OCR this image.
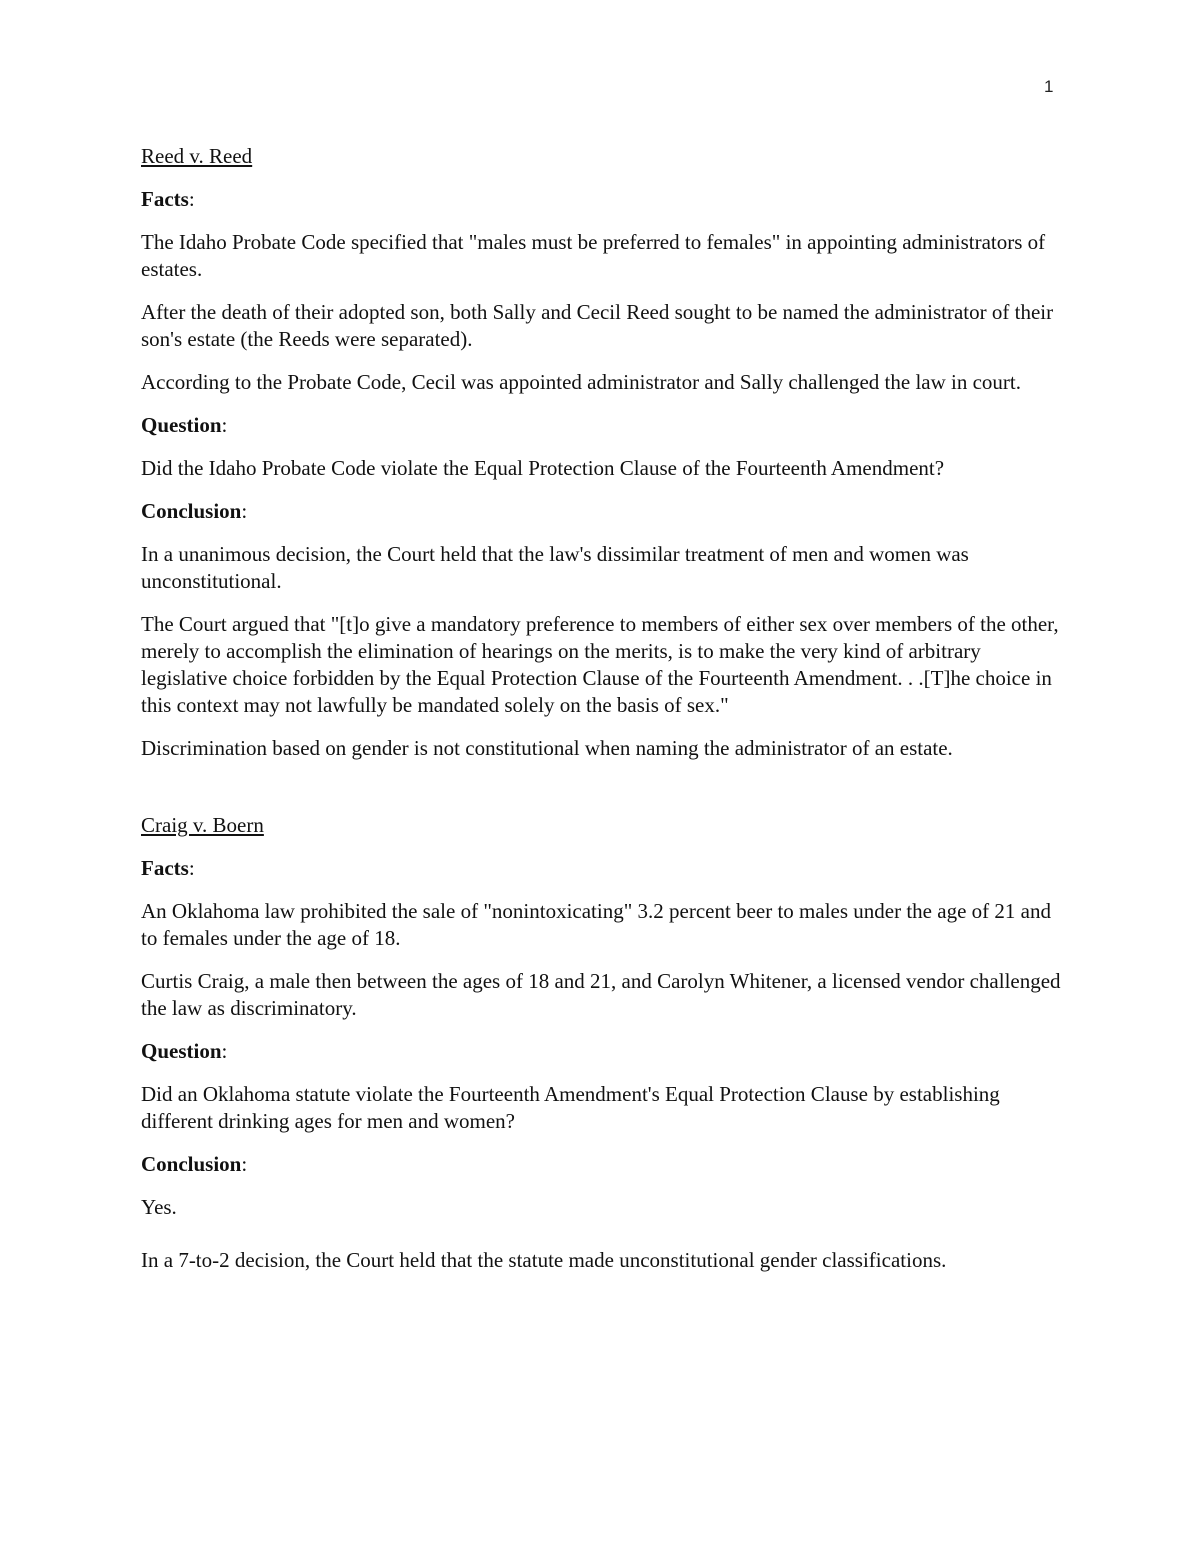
1
Reed v. Reed
Facts:

The Idaho Probate Code specified that "males must be preferred to females" in appointing administrators of estates.

After the death of their adopted son, both Sally and Cecil Reed sought to be named the administrator of their son's estate (the Reeds were separated).

According to the Probate Code, Cecil was appointed administrator and Sally challenged the law in court.

Question:

Did the Idaho Probate Code violate the Equal Protection Clause of the Fourteenth Amendment?

Conclusion:

In a unanimous decision, the Court held that the law's dissimilar treatment of men and women was unconstitutional.

The Court argued that "[t]o give a mandatory preference to members of either sex over members of the other, merely to accomplish the elimination of hearings on the merits, is to make the very kind of arbitrary legislative choice forbidden by the Equal Protection Clause of the Fourteenth Amendment. . .[T]he choice in this context may not lawfully be mandated solely on the basis of sex."

Discrimination based on gender is not constitutional when naming the administrator of an estate.

Craig v. Boern
Facts:

An Oklahoma law prohibited the sale of "nonintoxicating" 3.2 percent beer to males under the age of 21 and to females under the age of 18.

Curtis Craig, a male then between the ages of 18 and 21, and Carolyn Whitener, a licensed vendor challenged the law as discriminatory.

Question:

Did an Oklahoma statute violate the Fourteenth Amendment's Equal Protection Clause by establishing different drinking ages for men and women?

Conclusion:

Yes.

In a 7-to-2 decision, the Court held that the statute made unconstitutional gender classifications.
